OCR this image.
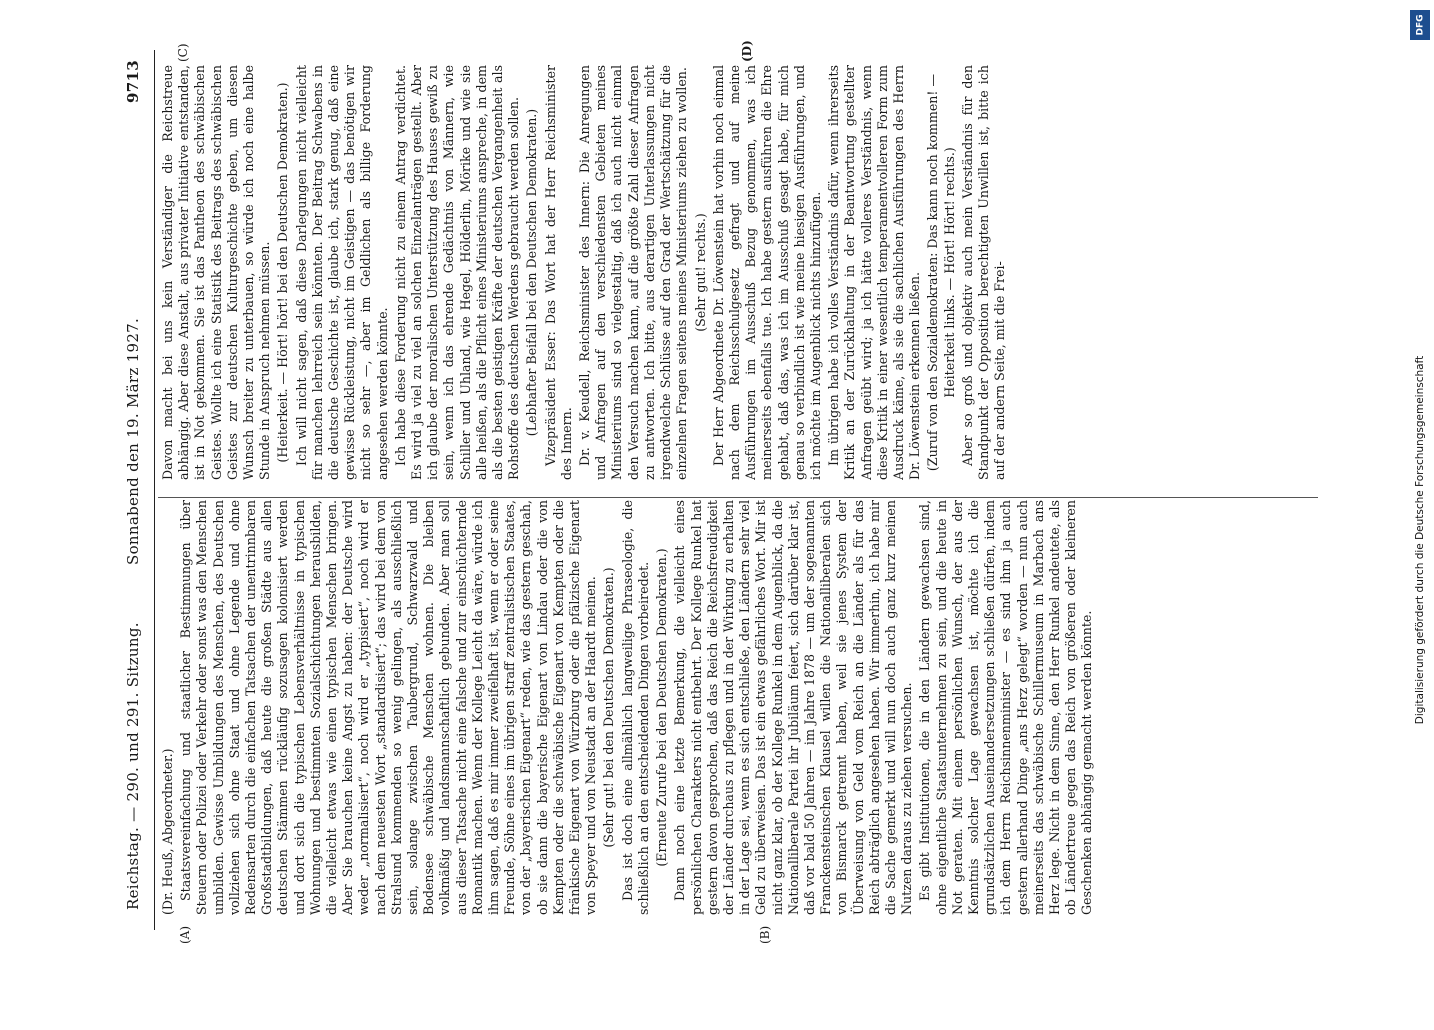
Reichstag. — 290. und 291. Sitzung.
Sonnabend den 19. März 1927.
9713
(A)	(B)
(C)	(D)

(Dr. Heuß, Abgeordneter.) Staatsvereinfachung und staatlicher Bestimmungen über Steuern oder Polizei oder Verkehr oder sonst was den Menschen umbilden. Gewisse Umbildungen des Menschen, des Deutschen vollziehen sich ohne Staat und ohne Legende und ohne Redensarten durch die einfachen Tatsachen der unentrinnbaren Großstadtbildungen, daß heute die großen Städte aus allen deutschen Stämmen rückläufig sozusagen kolonisiert werden und dort sich die typischen Lebensverhältnisse in typischen Wohnungen und bestimmten Sozialschichtungen herausbilden, die vielleicht etwas wie einen typischen Menschen bringen. Aber Sie brauchen keine Angst zu haben: der Deutsche wird weder „normalisiert“, noch wird er „typisiert“, noch wird er nach dem neuesten Wort „standardisiert“; das wird bei dem von Stralsund kommenden so wenig gelingen, als ausschließlich sein, solange zwischen Taubergrund, Schwarzwald und Bodensee schwäbische Menschen wohnen. Die bleiben volkmäßig und landsmannschaftlich gebunden. Aber man soll aus dieser Tatsache nicht eine falsche und zur einschüchternde Romantik machen. Wenn der Kollege Leicht da wäre, würde ich ihm sagen, daß es mir immer zweifelhaft ist, wenn er oder seine Freunde, Söhne eines im übrigen straff zentralistischen Staates, von der „bayerischen Eigenart“ reden, wie das gestern geschah, ob sie dann die bayerische Eigenart von Lindau oder die von Kempten oder die schwäbische Eigenart von Kempten oder die fränkische Eigenart von Würzburg oder die pfälzische Eigenart von Speyer und von Neustadt an der Haardt meinen. (Sehr gut! bei den Deutschen Demokraten.) Das ist doch eine allmählich langweilige Phraseologie, die schließlich an den entscheidenden Dingen vorbeiredet. (Erneute Zurufe bei den Deutschen Demokraten.) Dann noch eine letzte Bemerkung, die vielleicht eines persönlichen Charakters nicht entbehrt. Der Kollege Runkel hat gestern davon gesprochen, daß das Reich die Reichsfreudigkeit der Länder durchaus zu pflegen und in der Wirkung zu erhalten in der Lage sei, wenn es sich entschließe, den Ländern sehr viel Geld zu überweisen. Das ist ein etwas gefährliches Wort. Mir ist nicht ganz klar, ob der Kollege Runkel in dem Augenblick, da die Nationalliberale Partei ihr Jubiläum feiert, sich darüber klar ist, daß vor bald 50 Jahren — im Jahre 1878 — um der sogenannten Franckensteinschen Klausel willen die Nationalliberalen sich von Bismarck getrennt haben, weil sie jenes System der Überweisung von Geld vom Reich an die Länder als für das Reich abträglich angesehen haben. Wir immerhin, ich habe mir die Sache gemerkt und will nun doch auch ganz kurz meinen Nutzen daraus zu ziehen versuchen. Es gibt Institutionen, die in den Ländern gewachsen sind, ohne eigentliche Staatsunternehmen zu sein, und die heute in Not geraten. Mit einem persönlichen Wunsch, der aus der Kenntnis solcher Lage gewachsen ist, möchte ich die grundsätzlichen Auseinandersetzungen schließen dürfen, indem ich dem Herrn Reichsinnenminister — es sind ihm ja auch gestern allerhand Dinge „ans Herz gelegt“ worden — nun auch meinerseits das schwäbische Schillermuseum in Marbach ans Herz lege. Nicht in dem Sinne, den Herr Runkel andeutete, als ob Ländertreue gegen das Reich von größeren oder kleineren Geschenken abhängig gemacht werden könnte.

Davon macht bei uns kein Verständiger die Reichstreue abhängig. Aber diese Anstalt, aus privater Initiative entstanden, ist in Not gekommen. Sie ist das Pantheon des schwäbischen Geistes. Wollte ich eine Statistik des Beitrags des schwäbischen Geistes zur deutschen Kulturgeschichte geben, um diesen Wunsch breiter zu unterbauen, so würde ich noch eine halbe Stunde in Anspruch nehmen müssen. (Heiterkeit. — Hört! hört! bei den Deutschen Demokraten.) Ich will nicht sagen, daß diese Darlegungen nicht vielleicht für manchen lehrreich sein könnten. Der Beitrag Schwabens in die deutsche Geschichte ist, glaube ich, stark genug, daß eine gewisse Rückleistung, nicht im Geistigen — das benötigen wir nicht so sehr —, aber im Geldlichen als billige Forderung angesehen werden könnte. Ich habe diese Forderung nicht zu einem Antrag verdichtet. Es wird ja viel zu viel an solchen Einzelanträgen gestellt. Aber ich glaube der moralischen Unterstützung des Hauses gewiß zu sein, wenn ich das ehrende Gedächtnis von Männern, wie Schiller und Uhland, wie Hegel, Hölderlin, Mörike und wie sie alle heißen, als die Pflicht eines Ministeriums anspreche, in dem als die besten geistigen Kräfte der deutschen Vergangenheit als Rohstoffe des deutschen Werdens gebraucht werden sollen. (Lebhafter Beifall bei den Deutschen Demokraten.) Vizepräsident Esser: Das Wort hat der Herr Reichsminister des Innern. Dr. v. Keudell, Reichsminister des Innern: Die Anregungen und Anfragen auf den verschiedensten Gebieten meines Ministeriums sind so vielgestaltig, daß ich auch nicht einmal den Versuch machen kann, auf die größte Zahl dieser Anfragen zu antworten. Ich bitte, aus derartigen Unterlassungen nicht irgendwelche Schlüsse auf den Grad der Wertschätzung für die einzelnen Fragen seitens meines Ministeriums ziehen zu wollen. (Sehr gut! rechts.) Der Herr Abgeordnete Dr. Löwenstein hat vorhin noch einmal nach dem Reichsschulgesetz gefragt und auf meine Ausführungen im Ausschuß Bezug genommen, was ich meinerseits ebenfalls tue. Ich habe gestern ausführen die Ehre gehabt, daß das, was ich im Ausschuß gesagt habe, für mich genau so verbindlich ist wie meine hiesigen Ausführungen, und ich möchte im Augenblick nichts hinzufügen. Im übrigen habe ich volles Verständnis dafür, wenn ihrerseits Kritik an der Zurückhaltung in der Beantwortung gestellter Anfragen geübt wird; ja ich hätte volleres Verständnis, wenn diese Kritik in einer wesentlich temperamentvolleren Form zum Ausdruck käme, als sie die sachlichen Ausführungen des Herrn Dr. Löwenstein erkennen ließen. (Zuruf von den Sozialdemokraten: Das kann noch kommen! — Heiterkeit links. — Hört! Hört! rechts.) Aber so groß und objektiv auch mein Verständnis für den Standpunkt der Opposition berechtigten Unwillen ist, bitte ich auf der andern Seite, mit die Frei-

DFG
Digitalisierung gefördert durch die Deutsche Forschungsgemeinschaft
